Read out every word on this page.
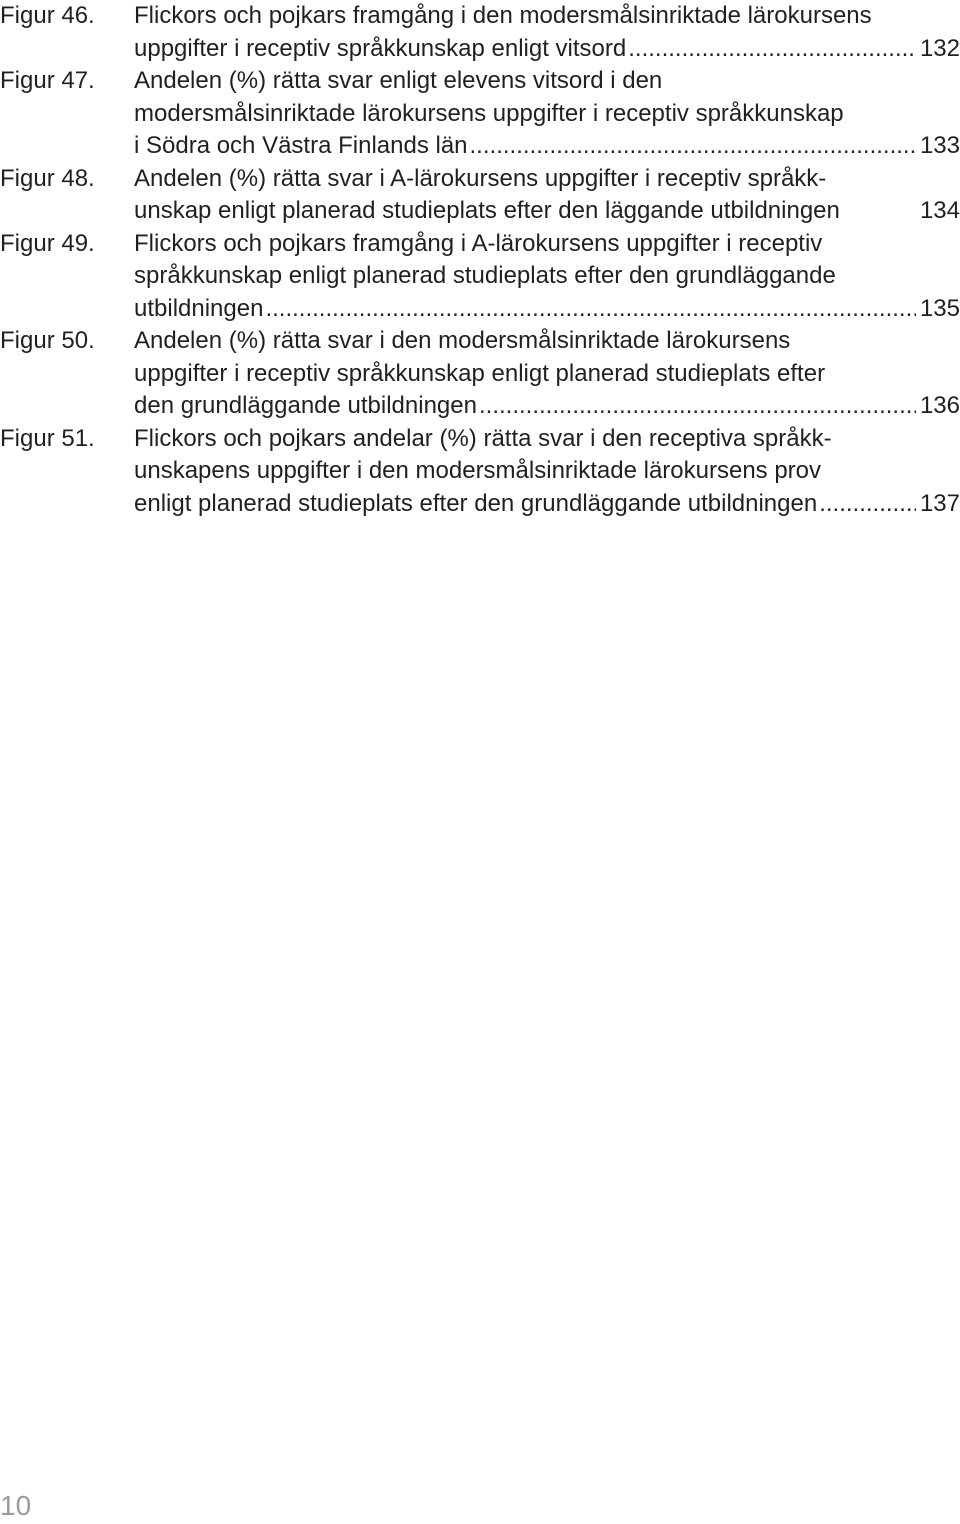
Figur 46. Flickors och pojkars framgång i den modersmålsinriktade lärokursens
uppgifter i receptiv språkkunskap enligt vitsord .....	132
Figur 47. Andelen (%) rätta svar enligt elevens vitsord i den
modersmålsinriktade lärokursens uppgifter i receptiv språkkunskap
i Södra och Västra Finlands län .....	133
Figur 48. Andelen (%) rätta svar i A-lärokursens uppgifter i receptiv språkk-
unskap enligt planerad studieplats efter den läggande utbildningen	134
Figur 49. Flickors och pojkars framgång i A-lärokursens uppgifter i receptiv
språkkunskap enligt planerad studieplats efter den grundläggande
utbildningen .....	135
Figur 50. Andelen (%) rätta svar i den modersmålsinriktade lärokursens
uppgifter i receptiv språkkunskap enligt planerad studieplats efter
den grundläggande utbildningen .....	136
Figur 51. Flickors och pojkars andelar (%) rätta svar i den receptiva språkk-
unskapens uppgifter i den modersmålsinriktade lärokursens prov
enligt planerad studieplats efter den grundläggande utbildningen .....	137
10
